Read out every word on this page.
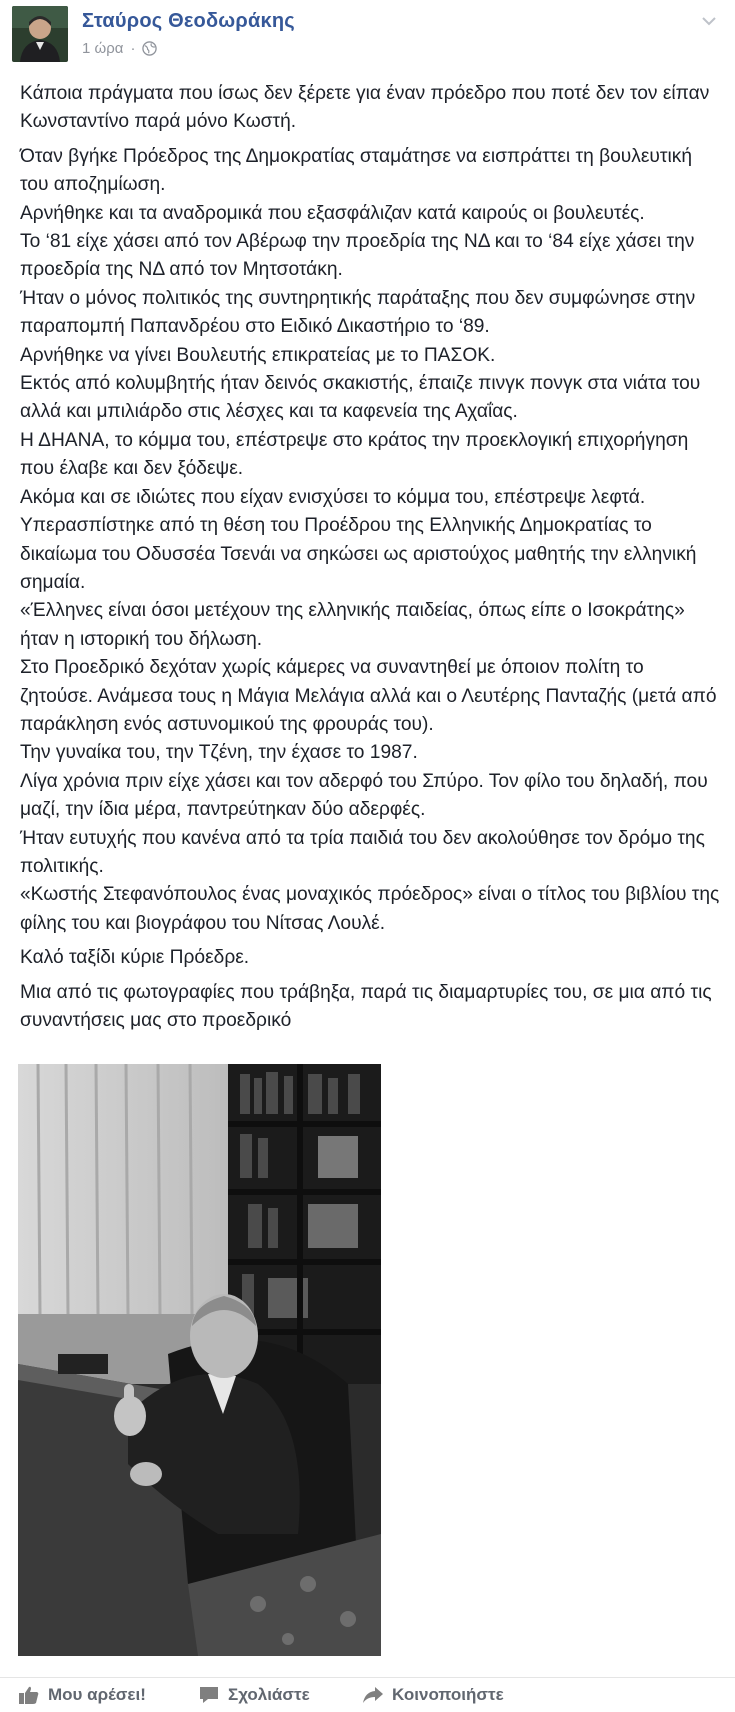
Σταύρος Θεοδωράκης
1 ώρα ·

Κάποια πράγματα που ίσως δεν ξέρετε για έναν πρόεδρο που ποτέ δεν τον είπαν Κωνσταντίνο παρά μόνο Κωστή.

Όταν βγήκε Πρόεδρος της Δημοκρατίας σταμάτησε να εισπράττει τη βουλευτική του αποζημίωση.
Αρνήθηκε και τα αναδρομικά που εξασφάλιζαν κατά καιρούς οι βουλευτές.
Το ‘81 είχε χάσει από τον Αβέρωφ την προεδρία της ΝΔ και το ‘84 είχε χάσει την προεδρία της ΝΔ από τον Μητσοτάκη.
Ήταν ο μόνος πολιτικός της συντηρητικής παράταξης που δεν συμφώνησε στην παραπομπή Παπανδρέου στο Ειδικό Δικαστήριο το ‘89.
Αρνήθηκε να γίνει Βουλευτής επικρατείας με το ΠΑΣΟΚ.
Εκτός από κολυμβητής ήταν δεινός σκακιστής, έπαιζε πινγκ πονγκ στα νιάτα του αλλά και μπιλιάρδο στις λέσχες και τα καφενεία της Αχαΐας.
Η ΔΗΑΝΑ, το κόμμα του, επέστρεψε στο κράτος την προεκλογική επιχορήγηση που έλαβε και δεν ξόδεψε.
Ακόμα και σε ιδιώτες που είχαν ενισχύσει το κόμμα του, επέστρεψε λεφτά.
Υπερασπίστηκε από τη θέση του Προέδρου της Ελληνικής Δημοκρατίας το δικαίωμα του Οδυσσέα Τσενάι να σηκώσει ως αριστούχος μαθητής την ελληνική σημαία.
«Έλληνες είναι όσοι μετέχουν της ελληνικής παιδείας, όπως είπε ο Ισοκράτης» ήταν η ιστορική του δήλωση.
Στο Προεδρικό δεχόταν χωρίς κάμερες να συναντηθεί με όποιον πολίτη το ζητούσε. Ανάμεσα τους η Μάγια Μελάγια αλλά και ο Λευτέρης Πανταζής (μετά από παράκληση ενός αστυνομικού της φρουράς του).
Την γυναίκα του, την Τζένη, την έχασε το 1987.
Λίγα χρόνια πριν είχε χάσει και τον αδερφό του Σπύρο. Τον φίλο του δηλαδή, που μαζί, την ίδια μέρα, παντρεύτηκαν δύο αδερφές.
Ήταν ευτυχής που κανένα από τα τρία παιδιά του δεν ακολούθησε τον δρόμο της πολιτικής.
«Κωστής Στεφανόπουλος ένας μοναχικός πρόεδρος» είναι ο τίτλος του βιβλίου της φίλης του και βιογράφου του Νίτσας Λουλέ.

Καλό ταξίδι κύριε Πρόεδρε.

Μια από τις φωτογραφίες που τράβηξα, παρά τις διαμαρτυρίες του, σε μια από τις συναντήσεις μας στο προεδρικό

Μου αρέσει!	Σχολιάστε	Κοινοποιήστε
